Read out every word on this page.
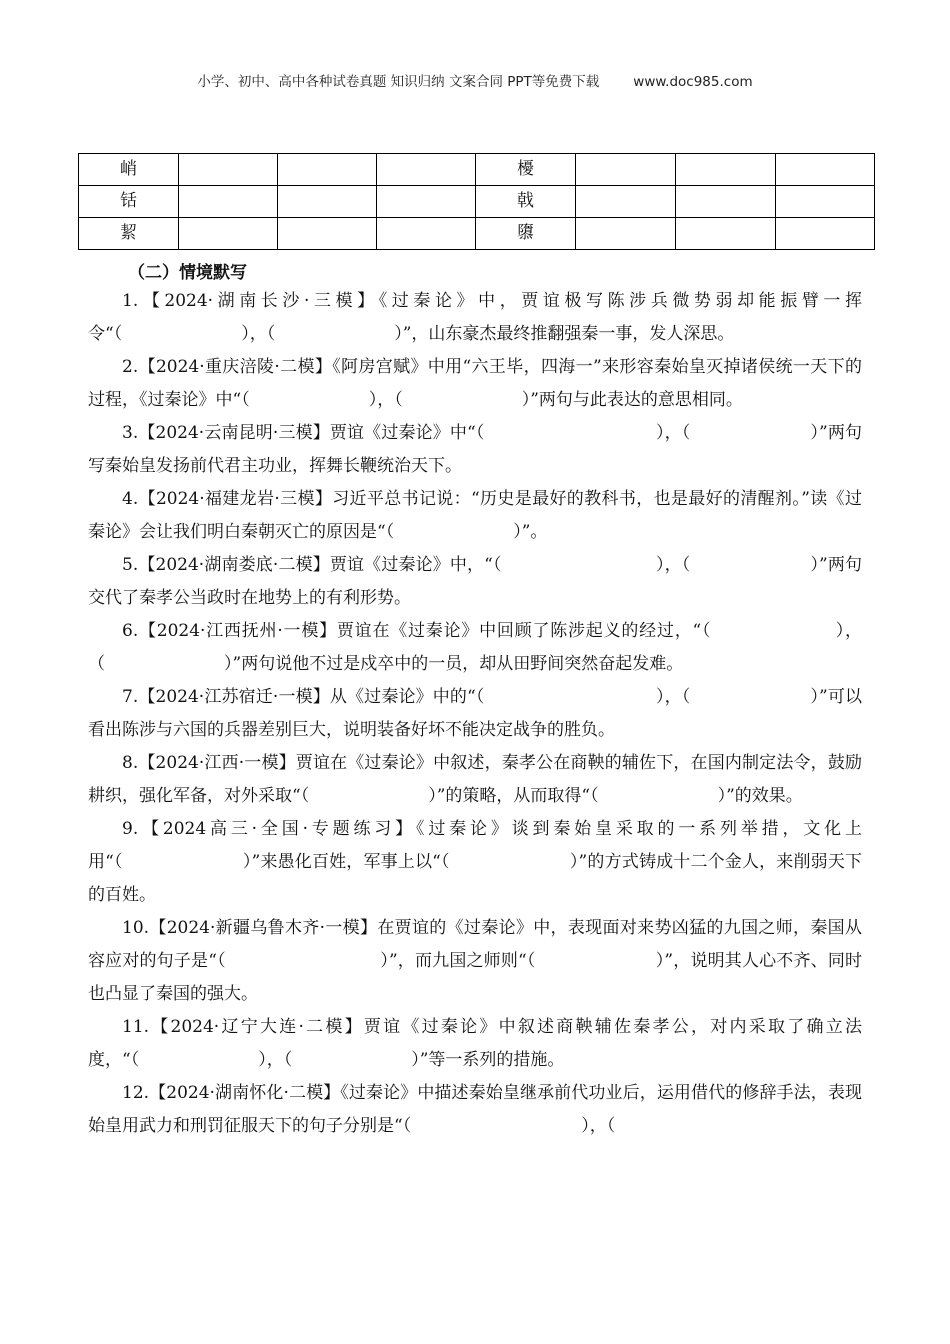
小学、初中、高中各种试卷真题 知识归纳 文案合同 PPT等免费下载	www.doc985.com
峭				櫌			
铦				戟			
絜				隳			
（二）情境默写

1.【2024·湖南长沙·三模】《过秦论》中，贾谊极写陈涉兵微势弱却能振臂一挥令“（　　　　　　　），（　　　　　　　）”，山东豪杰最终推翻强秦一事，发人深思。

2.【2024·重庆涪陵·二模】《阿房宫赋》中用“六王毕，四海一”来形容秦始皇灭掉诸侯统一天下的过程，《过秦论》中“（　　　　　　　），（　　　　　　　）”两句与此表达的意思相同。

3.【2024·云南昆明·三模】贾谊《过秦论》中“（　　　　　　　　　　），（　　　　　　　）”两句写秦始皇发扬前代君主功业，挥舞长鞭统治天下。

4.【2024·福建龙岩·三模】习近平总书记说：“历史是最好的教科书，也是最好的清醒剂。”读《过秦论》会让我们明白秦朝灭亡的原因是“（　　　　　　　）”。

5.【2024·湖南娄底·二模】贾谊《过秦论》中，“（　　　　　　　　　），（　　　　　　　）”两句交代了秦孝公当政时在地势上的有利形势。

6.【2024·江西抚州·一模】贾谊在《过秦论》中回顾了陈涉起义的经过，“（　　　　　　　），（　　　　　　　）”两句说他不过是戍卒中的一员，却从田野间突然奋起发难。

7.【2024·江苏宿迁·一模】从《过秦论》中的“（　　　　　　　　　　），（　　　　　　　）”可以看出陈涉与六国的兵器差别巨大，说明装备好坏不能决定战争的胜负。

8.【2024·江西·一模】贾谊在《过秦论》中叙述，秦孝公在商鞅的辅佐下，在国内制定法令，鼓励耕织，强化军备，对外采取“（　　　　　　　）”的策略，从而取得“（　　　　　　　）”的效果。

9.【2024高三·全国·专题练习】《过秦论》谈到秦始皇采取的一系列举措，文化上用“（　　　　　　　）”来愚化百姓，军事上以“（　　　　　　　）”的方式铸成十二个金人，来削弱天下的百姓。

10.【2024·新疆乌鲁木齐·一模】在贾谊的《过秦论》中，表现面对来势凶猛的九国之师，秦国从容应对的句子是“（　　　　　　　　　）”，而九国之师则“（　　　　　　　）”，说明其人心不齐、同时也凸显了秦国的强大。

11.【2024·辽宁大连·二模】贾谊《过秦论》中叙述商鞅辅佐秦孝公，对内采取了确立法度，“（　　　　　　　），（　　　　　　　）”等一系列的措施。

12.【2024·湖南怀化·二模】《过秦论》中描述秦始皇继承前代功业后，运用借代的修辞手法，表现始皇用武力和刑罚征服天下的句子分别是“（　　　　　　　　　　），（
